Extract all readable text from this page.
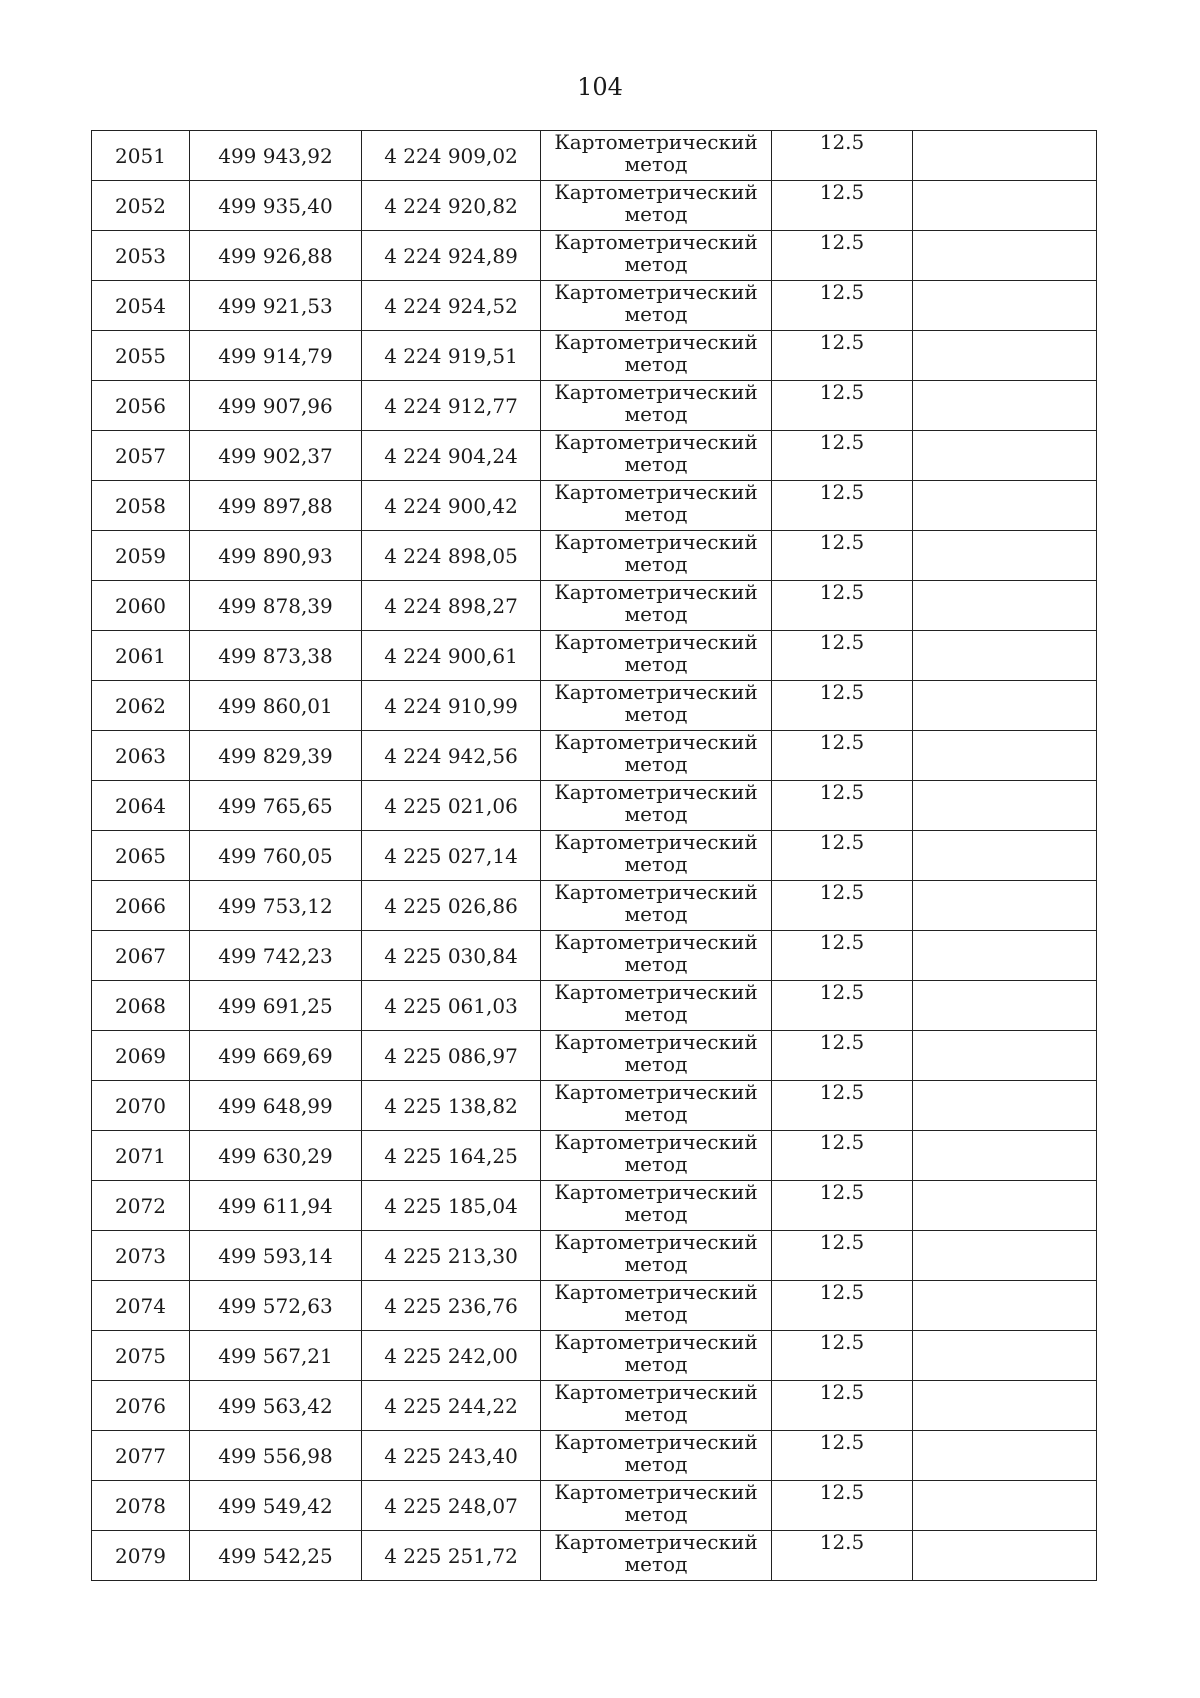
104
2051	499 943,92	4 224 909,02	Картометрический
метод	12.5	
2052	499 935,40	4 224 920,82	Картометрический
метод	12.5	
2053	499 926,88	4 224 924,89	Картометрический
метод	12.5	
2054	499 921,53	4 224 924,52	Картометрический
метод	12.5	
2055	499 914,79	4 224 919,51	Картометрический
метод	12.5	
2056	499 907,96	4 224 912,77	Картометрический
метод	12.5	
2057	499 902,37	4 224 904,24	Картометрический
метод	12.5	
2058	499 897,88	4 224 900,42	Картометрический
метод	12.5	
2059	499 890,93	4 224 898,05	Картометрический
метод	12.5	
2060	499 878,39	4 224 898,27	Картометрический
метод	12.5	
2061	499 873,38	4 224 900,61	Картометрический
метод	12.5	
2062	499 860,01	4 224 910,99	Картометрический
метод	12.5	
2063	499 829,39	4 224 942,56	Картометрический
метод	12.5	
2064	499 765,65	4 225 021,06	Картометрический
метод	12.5	
2065	499 760,05	4 225 027,14	Картометрический
метод	12.5	
2066	499 753,12	4 225 026,86	Картометрический
метод	12.5	
2067	499 742,23	4 225 030,84	Картометрический
метод	12.5	
2068	499 691,25	4 225 061,03	Картометрический
метод	12.5	
2069	499 669,69	4 225 086,97	Картометрический
метод	12.5	
2070	499 648,99	4 225 138,82	Картометрический
метод	12.5	
2071	499 630,29	4 225 164,25	Картометрический
метод	12.5	
2072	499 611,94	4 225 185,04	Картометрический
метод	12.5	
2073	499 593,14	4 225 213,30	Картометрический
метод	12.5	
2074	499 572,63	4 225 236,76	Картометрический
метод	12.5	
2075	499 567,21	4 225 242,00	Картометрический
метод	12.5	
2076	499 563,42	4 225 244,22	Картометрический
метод	12.5	
2077	499 556,98	4 225 243,40	Картометрический
метод	12.5	
2078	499 549,42	4 225 248,07	Картометрический
метод	12.5	
2079	499 542,25	4 225 251,72	Картометрический
метод	12.5	
